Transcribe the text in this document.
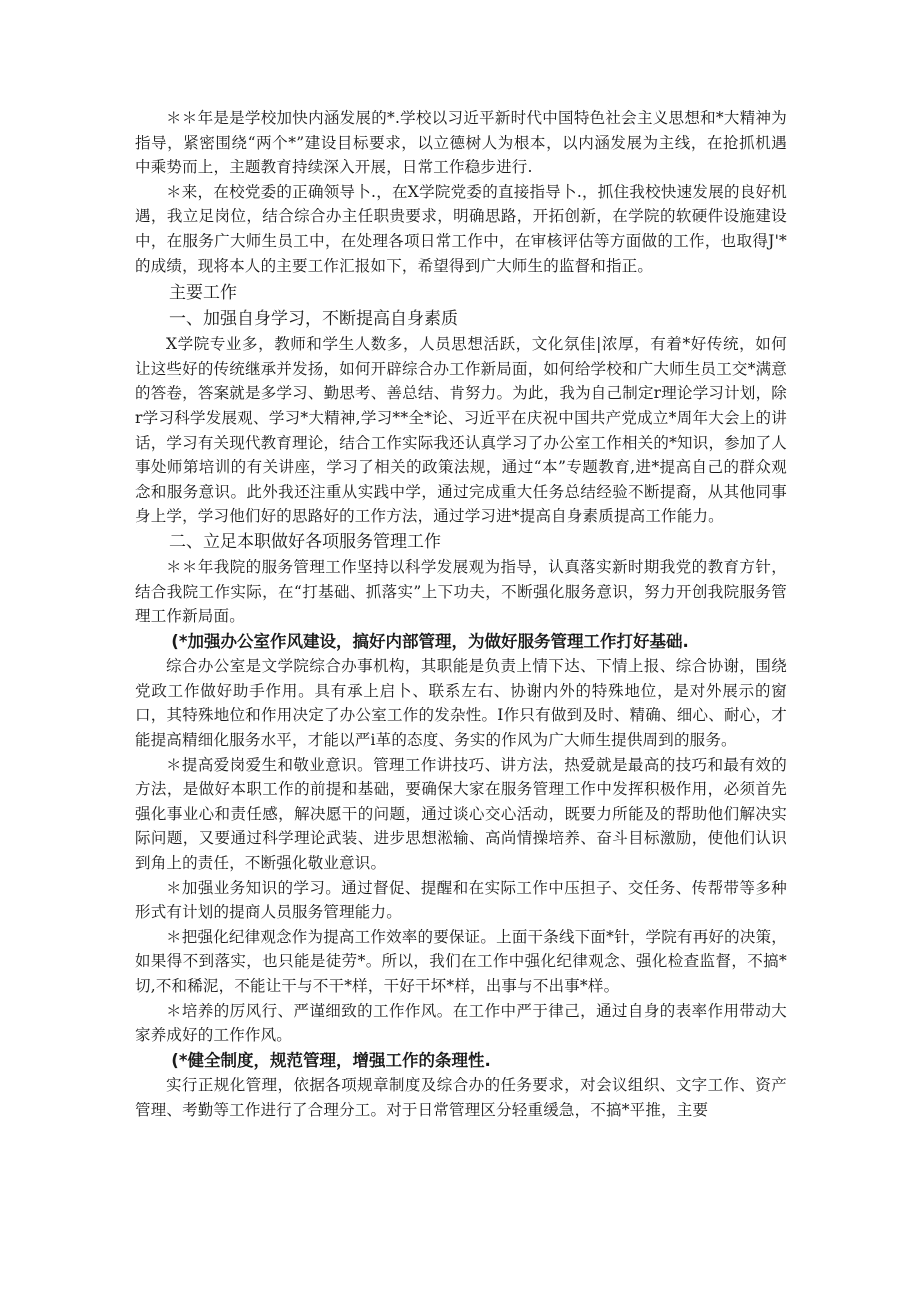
＊＊年是是学校加快内涵发展的*.学校以习近平新时代中国特色社会主义思想和*大精神为指导，紧密围绕“两个*”建设目标要求，以立德树人为根本，以内涵发展为主线，在抢抓机遇中乘势而上，主题教育持续深入开展，日常工作稳步进行.

＊来，在校党委的正确领导卜.，在X学院党委的直接指导卜.，抓住我校快速发展的良好机遇，我立足岗位，结合综合办主任职贵要求，明确思路，开拓创新，在学院的软硬件设施建设中，在服务广大师生员工中，在处理各项日常工作中，在审核评估等方面做的工作，也取得J'*的成绩，现将本人的主要工作汇报如下，希望得到广大师生的监督和指正。

主要工作
一、加强自身学习，不断提高自身素质

X学院专业多，教师和学生人数多，人员思想活跃，文化氛佳|浓厚，有着*好传统，如何让这些好的传统继承并发扬，如何开辟综合办工作新局面，如何给学校和广大师生员工交*满意的答卷，答案就是多学习、勤思考、善总结、肯努力。为此，我为自己制定r理论学习计划，除r学习科学发展观、学习*大精神,学习**全*论、习近平在庆祝中国共产党成立*周年大会上的讲话，学习有关现代教育理论，结合工作实际我还认真学习了办公室工作相关的*知识，参加了人事处师第培训的有关讲座，学习了相关的政策法规，通过“本”专题教育,进*提高自己的群众观念和服务意识。此外我还注重从实践中学，通过完成重大任务总结经验不断提裔，从其他同事身上学，学习他们好的思路好的工作方法，通过学习进*提高自身素质提高工作能力。

二、立足本职做好各项服务管理工作

＊＊年我院的服务管理工作坚持以科学发展观为指导，认真落实新时期我党的教育方针，结合我院工作实际，在“打基础、抓落实”上下功夫，不断强化服务意识，努力开创我院服务管理工作新局面。

(*加强办公室作风建设，搞好内部管理，为做好服务管理工作打好基础.

综合办公室是文学院综合办事机构，其职能是负责上情下达、下情上报、综合协谢，围绕党政工作做好助手作用。具有承上启卜、联系左右、协谢内外的特殊地位，是对外展示的窗口，其特殊地位和作用决定了办公室工作的发杂性。I作只有做到及时、精确、细心、耐心，才能提高精细化服务水平，才能以严i革的态度、务实的作风为广大师生提供周到的服务。

＊提高爱岗爱生和敬业意识。管理工作讲技巧、讲方法，热爱就是最高的技巧和最有效的方法，是做好本职工作的前提和基础，要确保大家在服务管理工作中发挥积极作用，必须首先强化事业心和责任感，解决愿干的问题，通过谈心交心活动，既要力所能及的帮助他们解决实际问题，又要通过科学理论武装、进步思想淞输、高尚情操培养、奋斗目标激励，使他们认识到角上的责任，不断强化敬业意识。

＊加强业务知识的学习。通过督促、提醒和在实际工作中压担子、交任务、传帮带等多种形式有计划的提商人员服务管理能力。

＊把强化纪律观念作为提高工作效率的要保证。上面干条线下面*针，学院有再好的决策，如果得不到落实，也只能是徒劳*。所以，我们在工作中强化纪律观念、强化检查监督，不搞*切,不和稀泥，不能让干与不干*样，干好干坏*样，出事与不出事*样。

＊培养的厉风行、严谨细致的工作作风。在工作中严于律己，通过自身的表率作用带动大家养成好的工作作风。

(*健全制度，规范管理，增强工作的条理性.

实行正规化管理，依据各项规章制度及综合办的任务要求，对会议组织、文字工作、资产管理、考勤等工作进行了合理分工。对于日常管理区分轻重缓急，不搞*平推，主要
